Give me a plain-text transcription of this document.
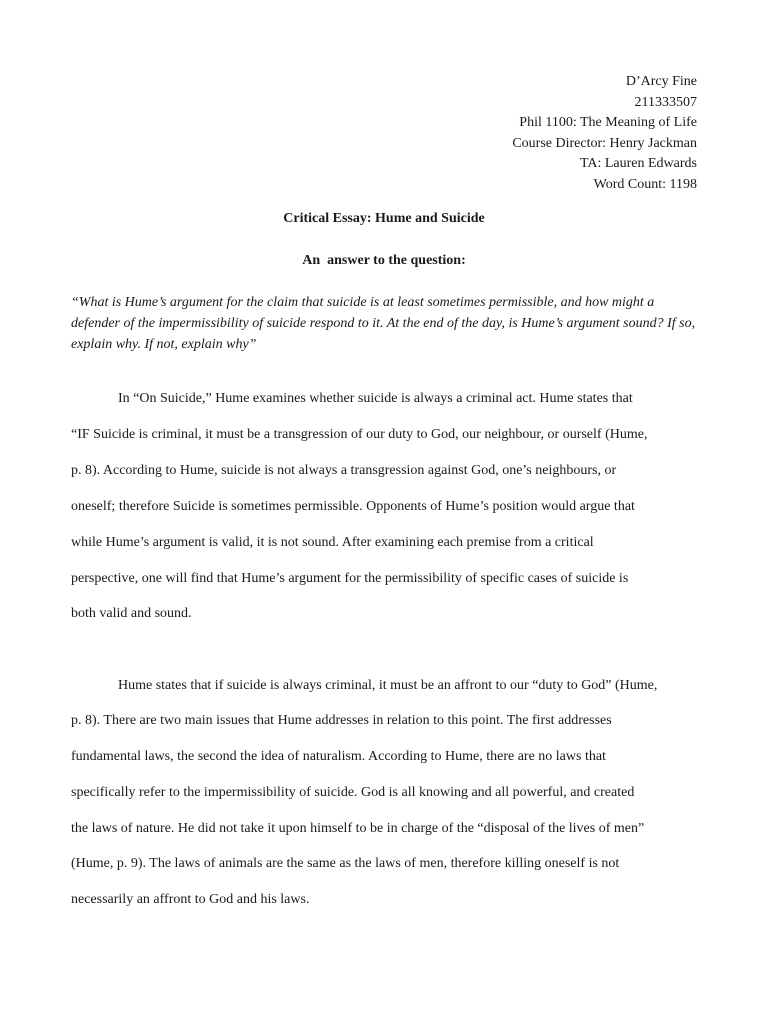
D’Arcy Fine
211333507
Phil 1100: The Meaning of Life
Course Director: Henry Jackman
TA: Lauren Edwards
Word Count: 1198
Critical Essay: Hume and Suicide
An  answer to the question:

“What is Hume’s argument for the claim that suicide is at least sometimes permissible, and how might a defender of the impermissibility of suicide respond to it. At the end of the day, is Hume’s argument sound? If so, explain why. If not, explain why”

In “On Suicide,” Hume examines whether suicide is always a criminal act. Hume states that
“IF Suicide is criminal, it must be a transgression of our duty to God, our neighbour, or ourself (Hume,
p. 8). According to Hume, suicide is not always a transgression against God, one’s neighbours, or
oneself; therefore Suicide is sometimes permissible. Opponents of Hume’s position would argue that
while Hume’s argument is valid, it is not sound. After examining each premise from a critical
perspective, one will find that Hume’s argument for the permissibility of specific cases of suicide is
both valid and sound.
Hume states that if suicide is always criminal, it must be an affront to our “duty to God” (Hume,
p. 8). There are two main issues that Hume addresses in relation to this point. The first addresses
fundamental laws, the second the idea of naturalism. According to Hume, there are no laws that
specifically refer to the impermissibility of suicide. God is all knowing and all powerful, and created
the laws of nature. He did not take it upon himself to be in charge of the “disposal of the lives of men”
(Hume, p. 9). The laws of animals are the same as the laws of men, therefore killing oneself is not
necessarily an affront to God and his laws.
